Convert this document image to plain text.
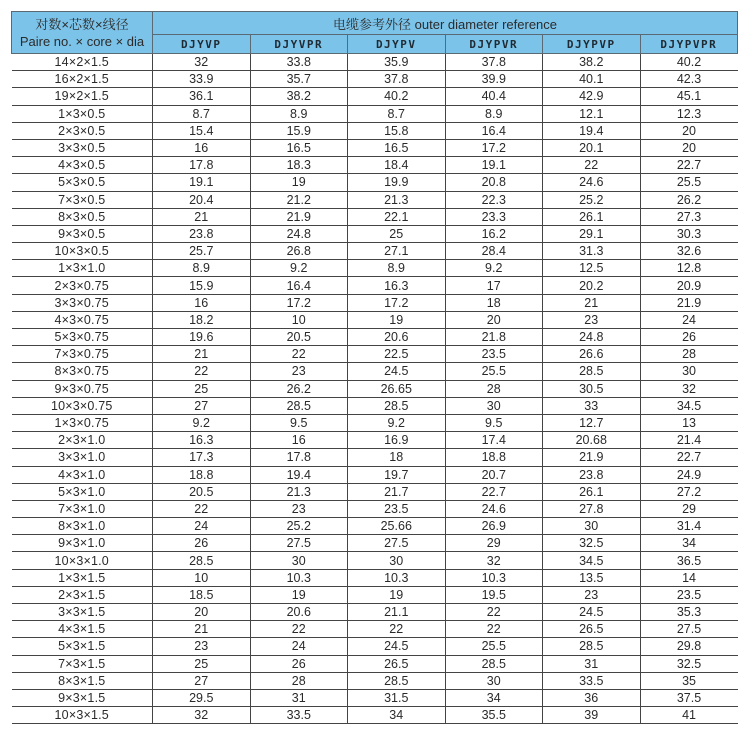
对数×芯数×线径
Paire no. × core × dia	电缆参考外径 outer diameter reference					
	DJYVP	DJYVPR	DJYPV	DJYPVR	DJYPVP	DJYPVPR
14×2×1.5	32	33.8	35.9	37.8	38.2	40.2
16×2×1.5	33.9	35.7	37.8	39.9	40.1	42.3
19×2×1.5	36.1	38.2	40.2	40.4	42.9	45.1
1×3×0.5	8.7	8.9	8.7	8.9	12.1	12.3
2×3×0.5	15.4	15.9	15.8	16.4	19.4	20
3×3×0.5	16	16.5	16.5	17.2	20.1	20
4×3×0.5	17.8	18.3	18.4	19.1	22	22.7
5×3×0.5	19.1	19	19.9	20.8	24.6	25.5
7×3×0.5	20.4	21.2	21.3	22.3	25.2	26.2
8×3×0.5	21	21.9	22.1	23.3	26.1	27.3
9×3×0.5	23.8	24.8	25	16.2	29.1	30.3
10×3×0.5	25.7	26.8	27.1	28.4	31.3	32.6
1×3×1.0	8.9	9.2	8.9	9.2	12.5	12.8
2×3×0.75	15.9	16.4	16.3	17	20.2	20.9
3×3×0.75	16	17.2	17.2	18	21	21.9
4×3×0.75	18.2	10	19	20	23	24
5×3×0.75	19.6	20.5	20.6	21.8	24.8	26
7×3×0.75	21	22	22.5	23.5	26.6	28
8×3×0.75	22	23	24.5	25.5	28.5	30
9×3×0.75	25	26.2	26.65	28	30.5	32
10×3×0.75	27	28.5	28.5	30	33	34.5
1×3×0.75	9.2	9.5	9.2	9.5	12.7	13
2×3×1.0	16.3	16	16.9	17.4	20.68	21.4
3×3×1.0	17.3	17.8	18	18.8	21.9	22.7
4×3×1.0	18.8	19.4	19.7	20.7	23.8	24.9
5×3×1.0	20.5	21.3	21.7	22.7	26.1	27.2
7×3×1.0	22	23	23.5	24.6	27.8	29
8×3×1.0	24	25.2	25.66	26.9	30	31.4
9×3×1.0	26	27.5	27.5	29	32.5	34
10×3×1.0	28.5	30	30	32	34.5	36.5
1×3×1.5	10	10.3	10.3	10.3	13.5	14
2×3×1.5	18.5	19	19	19.5	23	23.5
3×3×1.5	20	20.6	21.1	22	24.5	35.3
4×3×1.5	21	22	22	22	26.5	27.5
5×3×1.5	23	24	24.5	25.5	28.5	29.8
7×3×1.5	25	26	26.5	28.5	31	32.5
8×3×1.5	27	28	28.5	30	33.5	35
9×3×1.5	29.5	31	31.5	34	36	37.5
10×3×1.5	32	33.5	34	35.5	39	41
